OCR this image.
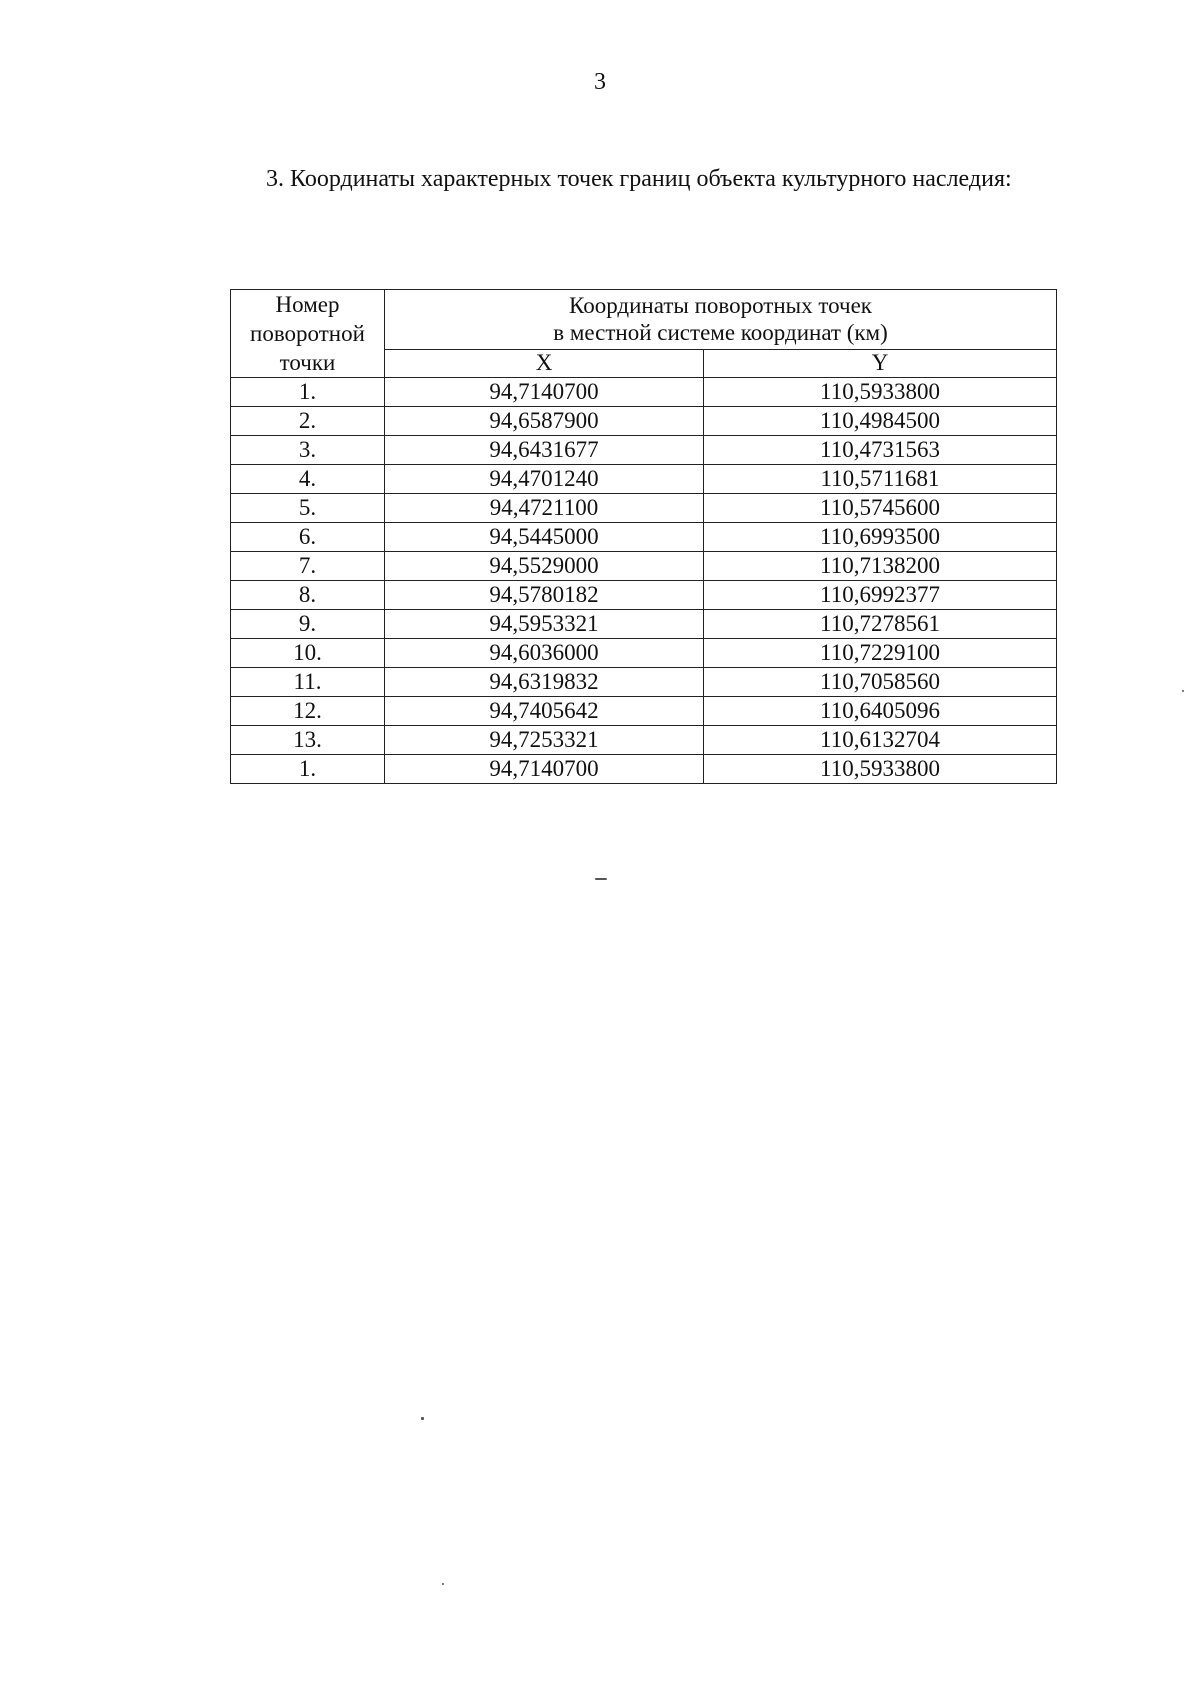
3
3. Координаты характерных точек границ объекта культурного наследия:
Номер поворотной точки	Координаты поворотных точек
в местной системе координат (км)	

	X	Y
1.	94,7140700	110,5933800
2.	94,6587900	110,4984500
3.	94,6431677	110,4731563
4.	94,4701240	110,5711681
5.	94,4721100	110,5745600
6.	94,5445000	110,6993500
7.	94,5529000	110,7138200
8.	94,5780182	110,6992377
9.	94,5953321	110,7278561
10.	94,6036000	110,7229100
11.	94,6319832	110,7058560
12.	94,7405642	110,6405096
13.	94,7253321	110,6132704
1.	94,7140700	110,5933800
